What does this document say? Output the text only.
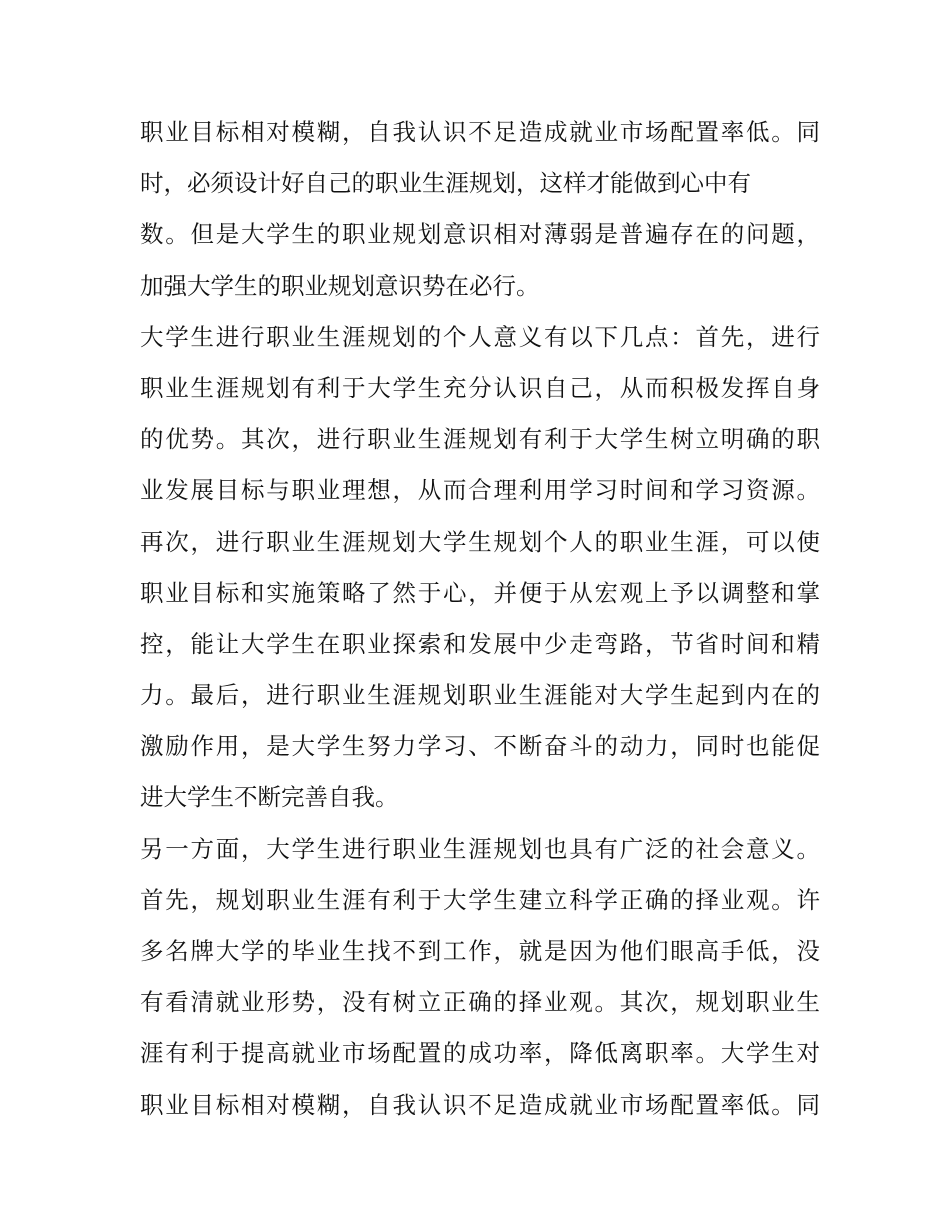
职业目标相对模糊，自我认识不足造成就业市场配置率低。同
时，必须设计好自己的职业生涯规划，这样才能做到心中有
数。但是大学生的职业规划意识相对薄弱是普遍存在的问题，
加强大学生的职业规划意识势在必行。
大学生进行职业生涯规划的个人意义有以下几点：首先，进行
职业生涯规划有利于大学生充分认识自己，从而积极发挥自身
的优势。其次，进行职业生涯规划有利于大学生树立明确的职
业发展目标与职业理想，从而合理利用学习时间和学习资源。
再次，进行职业生涯规划大学生规划个人的职业生涯，可以使
职业目标和实施策略了然于心，并便于从宏观上予以调整和掌
控，能让大学生在职业探索和发展中少走弯路，节省时间和精
力。最后，进行职业生涯规划职业生涯能对大学生起到内在的
激励作用，是大学生努力学习、不断奋斗的动力，同时也能促
进大学生不断完善自我。
另一方面，大学生进行职业生涯规划也具有广泛的社会意义。
首先，规划职业生涯有利于大学生建立科学正确的择业观。许
多名牌大学的毕业生找不到工作，就是因为他们眼高手低，没
有看清就业形势，没有树立正确的择业观。其次，规划职业生
涯有利于提高就业市场配置的成功率，降低离职率。大学生对
职业目标相对模糊，自我认识不足造成就业市场配置率低。同
